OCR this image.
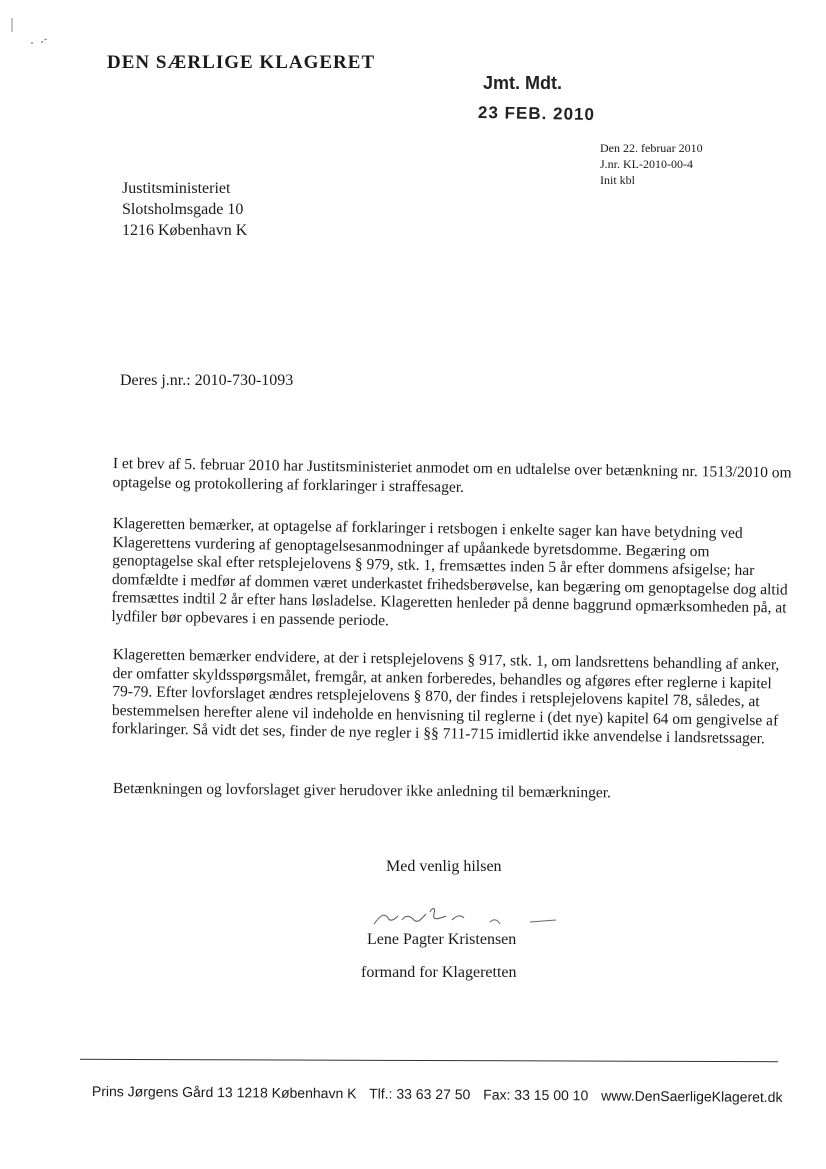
DEN SÆRLIGE KLAGERET
Jmt. Mdt.
23 FEB. 2010
Den 22. februar 2010
J.nr. KL-2010-00-4
Init kbl
Justitsministeriet
Slotsholmsgade 10
1216 København K
Deres j.nr.: 2010-730-1093
I et brev af 5. februar 2010 har Justitsministeriet anmodet om en udtalelse over betænkning nr. 1513/2010 om optagelse og protokollering af forklaringer i straffesager.
Klageretten bemærker, at optagelse af forklaringer i retsbogen i enkelte sager kan have betydning ved Klagerettens vurdering af genoptagelsesanmodninger af upåankede byretsdomme. Begæring om genoptagelse skal efter retsplejelovens § 979, stk. 1, fremsættes inden 5 år efter dommens afsigelse; har domfældte i medfør af dommen været underkastet frihedsberøvelse, kan begæring om genoptagelse dog altid fremsættes indtil 2 år efter hans løsladelse. Klageretten henleder på denne baggrund opmærksomheden på, at lydfiler bør opbevares i en passende periode.
Klageretten bemærker endvidere, at der i retsplejelovens § 917, stk. 1, om landsrettens behandling af anker, der omfatter skyldsspørgsmålet, fremgår, at anken forberedes, behandles og afgøres efter reglerne i kapitel 79-79. Efter lovforslaget ændres retsplejelovens § 870, der findes i retsplejelovens kapitel 78, således, at bestemmelsen herefter alene vil indeholde en henvisning til reglerne i (det nye) kapitel 64 om gengivelse af forklaringer. Så vidt det ses, finder de nye regler i §§ 711-715 imidlertid ikke anvendelse i landsretssager.
Betænkningen og lovforslaget giver herudover ikke anledning til bemærkninger.
Med venlig hilsen
Lene Pagter Kristensen
formand for Klageretten
Prins Jørgens Gård 13 1218 København K Tlf.: 33 63 27 50 Fax: 33 15 00 10 www.DenSaerligeKlageret.dk
